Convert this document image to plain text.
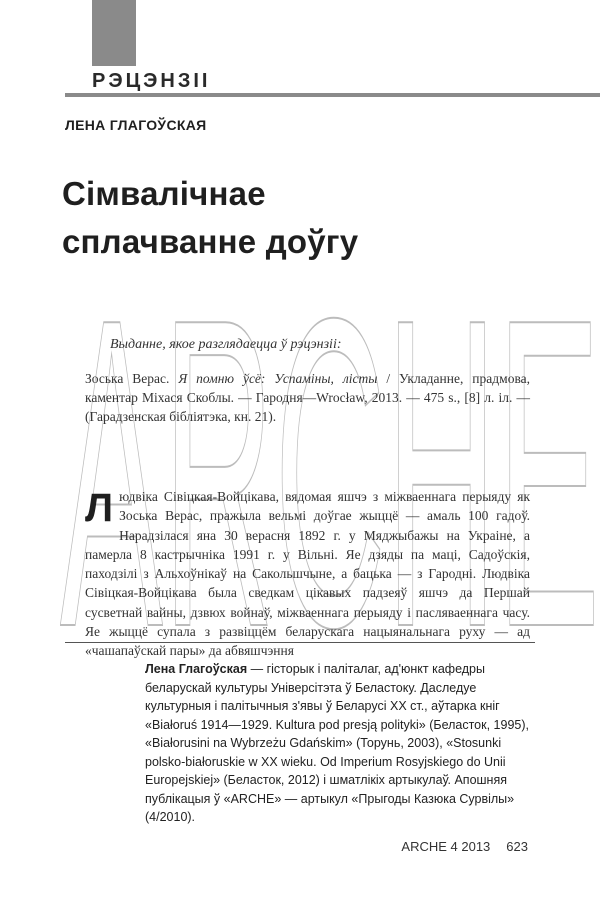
РЭЦЭНЗІІ
ЛЕНА ГЛАГОЎСКАЯ
Сімвалічнае
сплачванне доўгу
ARCHE
Выданне, якое разглядаецца ў рэцэнзіі:
Зоська Верас. Я помню ўсё: Успаміны, лісты / Укладанне, прадмова, каментар Міхася Скоблы. — Гародня—Wrocław, 2013. — 475 s., [8] л. іл. — (Гарадзенская бібліятэка, кн. 21).
Людвіка Сівіцкая-Войцікава, вядомая яшчэ з міжваеннага перыяду як Зоська Верас, пражыла вельмі доўгае жыццё — амаль 100 гадоў. Нарадзілася яна 30 верасня 1892 г. у Мяджыбажы на Украіне, а памерла 8 кастрычніка 1991 г. у Вільні. Яе дзяды па маці, Садоўскія, паходзілі з Альхоўнікаў на Сакольшчыне, а бацька — з Гародні. Людвіка Сівіцкая-Войцікава была сведкам цікавых падзеяў яшчэ да Першай сусветнай вайны, дзвюх войнаў, міжваеннага перыяду і пасляваеннага часу. Яе жыццё супала з развіццём беларускага нацыянальнага руху — ад «чашапаўскай пары» да абвяшчэння
Лена Глагоўская — гісторык і паліталаг, ад'юнкт кафедры беларускай культуры Універсітэта ў Беластоку. Даследуе культурныя і палітычныя з'явы ў Беларусі ХХ ст., аўтарка кніг «Białoruś 1914—1929. Kultura pod presją polityki» (Беласток, 1995), «Białorusini na Wybrzeżu Gdańskim» (Торунь, 2003), «Stosunki polsko-białoruskie w XX wieku. Od Imperium Rosyjskiego do Unii Europejskiej» (Беласток, 2012) і шматлікіх артыкулаў. Апошняя публікацыя ў «ARCHE» — артыкул «Прыгоды Казюка Сурвілы» (4/2010).
ARCHE 4 2013 623
